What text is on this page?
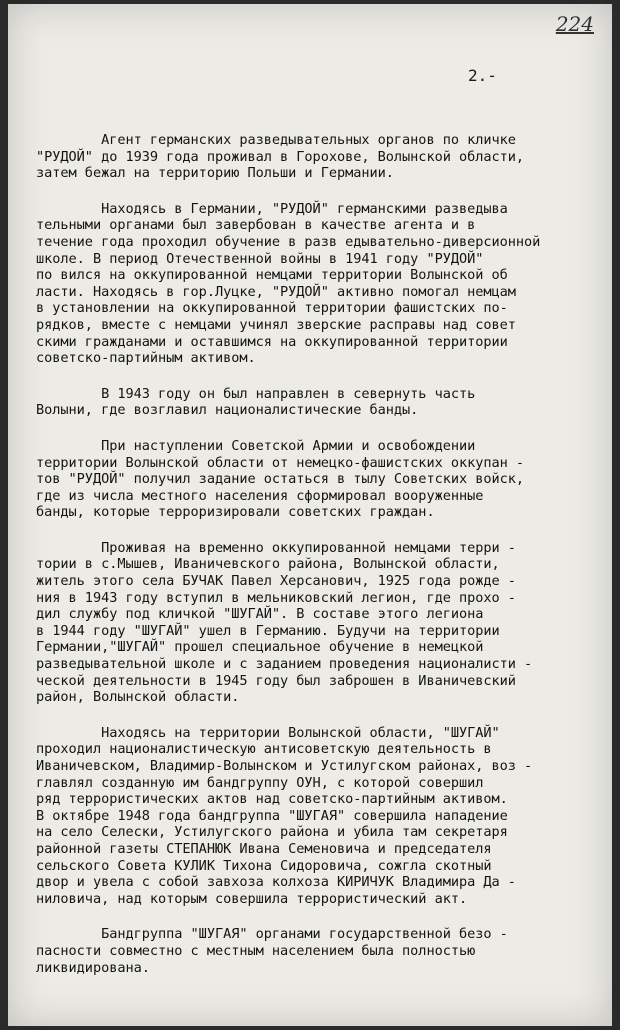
224
2.-
Агент германских разведывательных органов по кличке
"РУДОЙ" до 1939 года проживал в Горохове, Волынской области,
затем бежал на территорию Польши и Германии.
Находясь в Германии, "РУДОЙ" германскими разведыва
тельными органами был завербован в качестве агента и в
течение года проходил обучение в разв едывательно-диверсионной
школе. В период Отечественной войны в 1941 году "РУДОЙ"
по вился на оккупированной немцами территории Волынской об
ласти. Находясь в гор.Луцке, "РУДОЙ" активно помогал немцам
в установлении на оккупированной территории фашистских по-
рядков, вместе с немцами учинял зверские расправы над совет
скими гражданами и оставшимся на оккупированной территории
советско-партийным активом.
В 1943 году он был направлен в севернуть часть
Волыни, где возглавил националистические банды.
При наступлении Советской Армии и освобождении
территории Волынской области от немецко-фашистских оккупан -
тов "РУДОЙ" получил задание остаться в тылу Советских войск,
где из числа местного населения сформировал вооруженные
банды, которые терроризировали советских граждан.
Проживая на временно оккупированной немцами терри -
тории в с.Мышев, Иваничевского района, Волынской области,
житель этого села БУЧАК Павел Херсанович, 1925 года рожде -
ния в 1943 году вступил в мельниковский легион, где прохо -
дил службу под кличкой "ШУГАЙ". В составе этого легиона
в 1944 году "ШУГАЙ" ушел в Германию. Будучи на территории
Германии,"ШУГАЙ" прошел специальное обучение в немецкой
разведывательной школе и с заданием проведения националисти -
ческой деятельности в 1945 году был заброшен в Иваничевский
район, Волынской области.
Находясь на территории Волынской области, "ШУГАЙ"
проходил националистическую антисоветскую деятельность в
Иваничевском, Владимир-Волынском и Устилугском районах, воз -
главлял созданную им бандгруппу ОУН, с которой совершил
ряд террористических актов над советско-партийным активом.
В октябре 1948 года бандгруппа "ШУГАЯ" совершила нападение
на село Селески, Устилугского района и убила там секретаря
районной газеты СТЕПАНЮК Ивана Семеновича и председателя
сельского Совета КУЛИК Тихона Сидоровича, сожгла скотный
двор и увела с собой завхоза колхоза КИРИЧУК Владимира Да -
ниловича, над которым совершила террористический акт.
Бандгруппа "ШУГАЯ" органами государственной безо -
пасности совместно с местным населением была полностью
ликвидирована.
